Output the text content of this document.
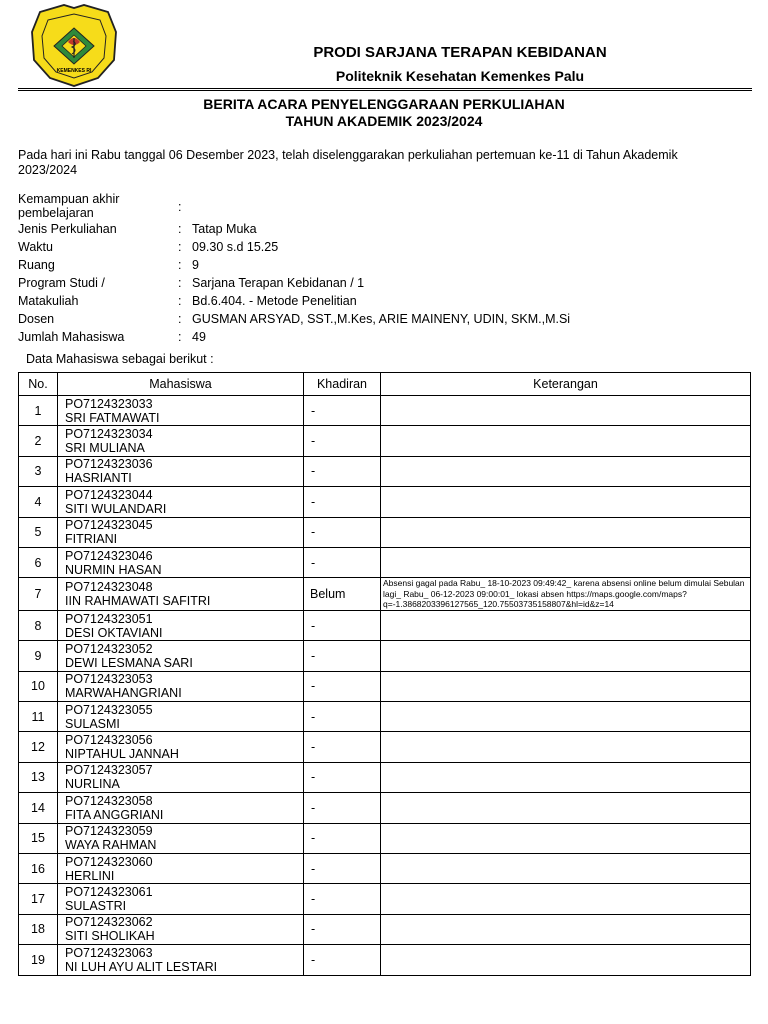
KEMENKES RI
PRODI SARJANA TERAPAN KEBIDANAN
Politeknik Kesehatan Kemenkes Palu
BERITA ACARA PENYELENGGARAAN PERKULIAHAN
TAHUN AKADEMIK 2023/2024
Pada hari ini Rabu tanggal 06 Desember 2023, telah diselenggarakan perkuliahan pertemuan ke-11 di Tahun Akademik 2023/2024
Kemampuan akhir pembelajaran	:
Jenis Perkuliahan	: Tatap Muka
Waktu	: 09.30 s.d 15.25
Ruang	: 9
Program Studi /	: Sarjana Terapan Kebidanan / 1
Matakuliah	: Bd.6.404. - Metode Penelitian
Dosen	: GUSMAN ARSYAD, SST.,M.Kes, ARIE MAINENY, UDIN, SKM.,M.Si
Jumlah Mahasiswa	: 49
Data Mahasiswa sebagai berikut :
No.	Mahasiswa	Khadiran	Keterangan
1	PO7124323033
SRI FATMAWATI	-	
2	PO7124323034
SRI MULIANA	-	
3	PO7124323036
HASRIANTI	-	
4	PO7124323044
SITI WULANDARI	-	
5	PO7124323045
FITRIANI	-	
6	PO7124323046
NURMIN HASAN	-	
7	PO7124323048
IIN RAHMAWATI SAFITRI	Belum	Absensi gagal pada Rabu_ 18-10-2023 09:49:42_ karena absensi online belum dimulai Sebulan lagi_ Rabu_ 06-12-2023 09:00:01_ lokasi absen https://maps.google.com/maps?q=-1.3868203396127565_120.75503735158807&hl=id&z=14
8	PO7124323051
DESI OKTAVIANI	-	
9	PO7124323052
DEWI LESMANA SARI	-	
10	PO7124323053
MARWAHANGRIANI	-	
11	PO7124323055
SULASMI	-	
12	PO7124323056
NIPTAHUL JANNAH	-	
13	PO7124323057
NURLINA	-	
14	PO7124323058
FITA ANGGRIANI	-	
15	PO7124323059
WAYA RAHMAN	-	
16	PO7124323060
HERLINI	-	
17	PO7124323061
SULASTRI	-	
18	PO7124323062
SITI SHOLIKAH	-	
19	PO7124323063
NI LUH AYU ALIT LESTARI	-	
